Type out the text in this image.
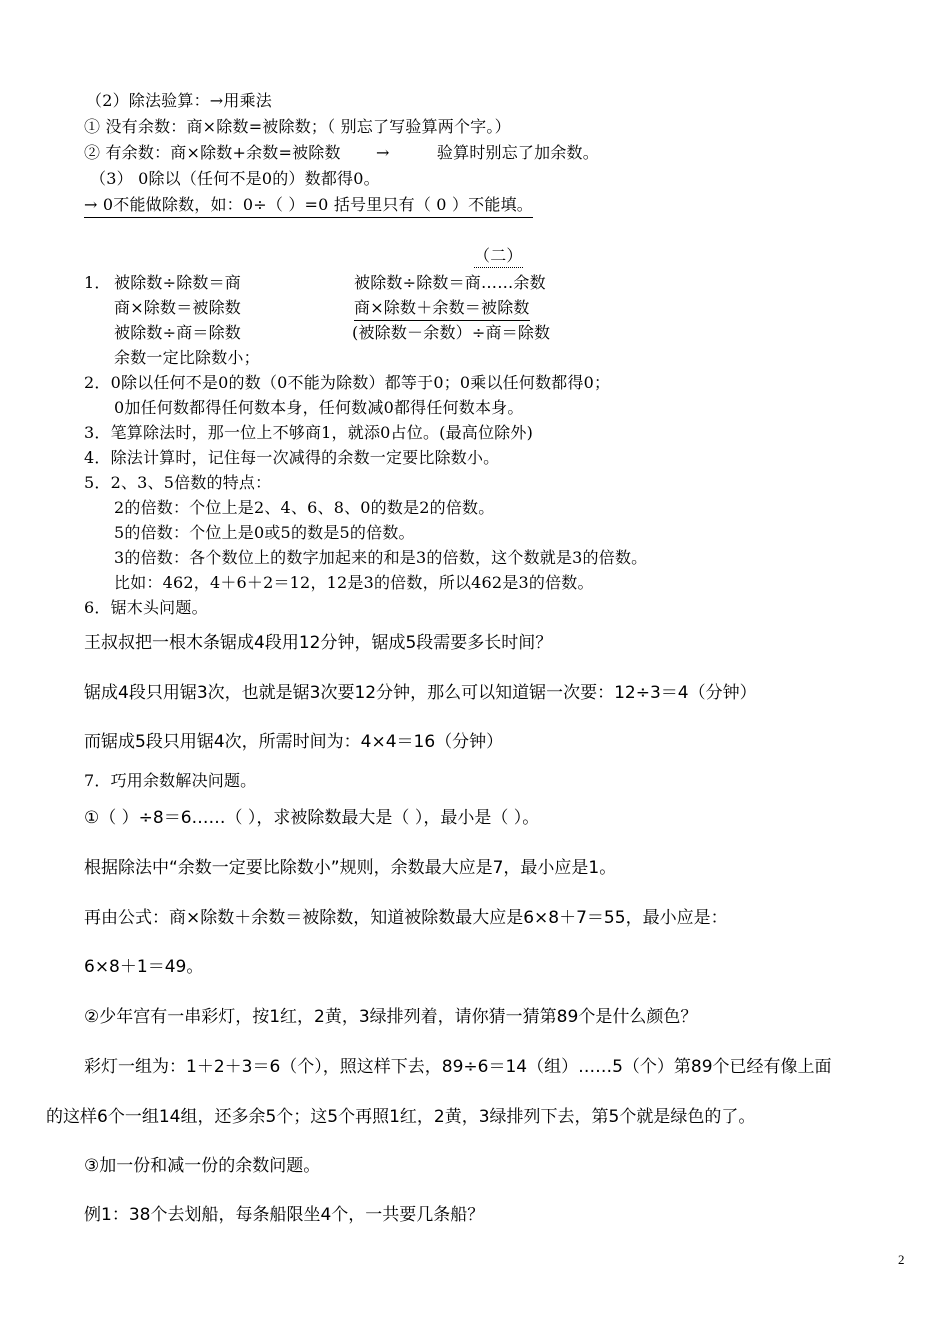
（2）除法验算：→用乘法
① 没有余数：商×除数=被除数；（ 别忘了写验算两个字。）
② 有余数：商×除数+余数=被除数 →	验算时别忘了加余数。
（3） 0除以（任何不是0的）数都得0。
→ 0不能做除数，如：0÷（ ）=0 括号里只有（ 0 ）不能填。
（二）
1． 被除数÷除数＝商	被除数÷除数＝商……余数
商×除数＝被除数	商×除数＋余数＝被除数
被除数÷商＝除数	(被除数－余数）÷商＝除数
余数一定比除数小；
2．0除以任何不是0的数（0不能为除数）都等于0；0乘以任何数都得0；
0加任何数都得任何数本身，任何数减0都得任何数本身。
3．笔算除法时，那一位上不够商1，就添0占位。(最高位除外)
4．除法计算时，记住每一次减得的余数一定要比除数小。
5．2、3、5倍数的特点：
2的倍数：个位上是2、4、6、8、0的数是2的倍数。
5的倍数：个位上是0或5的数是5的倍数。
3的倍数：各个数位上的数字加起来的和是3的倍数，这个数就是3的倍数。
比如：462，4＋6＋2＝12，12是3的倍数，所以462是3的倍数。
6．锯木头问题。
王叔叔把一根木条锯成4段用12分钟，锯成5段需要多长时间？
锯成4段只用锯3次，也就是锯3次要12分钟，那么可以知道锯一次要：12÷3＝4（分钟）
而锯成5段只用锯4次，所需时间为：4×4＝16（分钟）
7．巧用余数解决问题。
①（ ）÷8＝6……（ ），求被除数最大是（ ），最小是（ ）。
根据除法中“余数一定要比除数小”规则，余数最大应是7，最小应是1。
再由公式：商×除数＋余数＝被除数，知道被除数最大应是6×8＋7＝55，最小应是：
6×8＋1＝49。
②少年宫有一串彩灯，按1红，2黄，3绿排列着，请你猜一猜第89个是什么颜色？
彩灯一组为：1＋2＋3＝6（个），照这样下去，89÷6＝14（组）……5（个）第89个已经有像上面
的这样6个一组14组，还多余5个；这5个再照1红，2黄，3绿排列下去，第5个就是绿色的了。
③加一份和减一份的余数问题。
例1：38个去划船，每条船限坐4个，一共要几条船？
2
